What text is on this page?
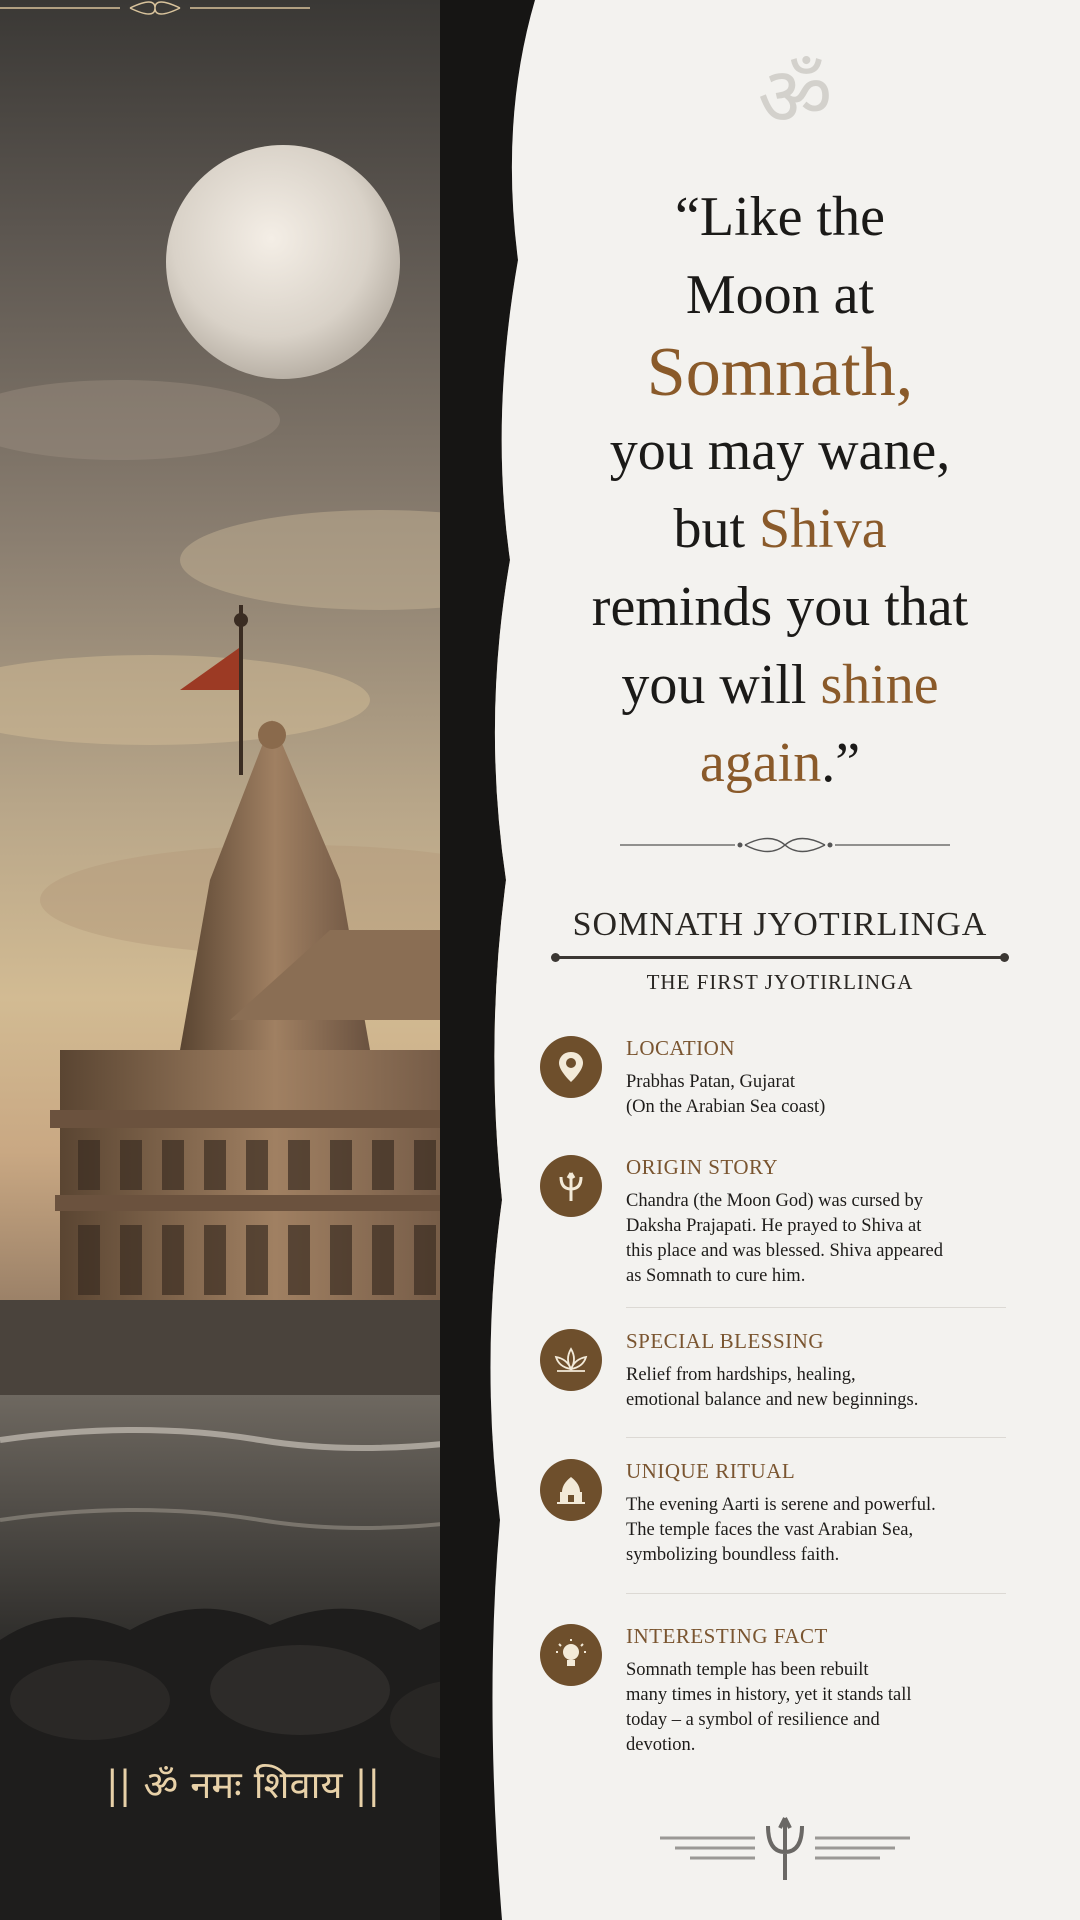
|| ॐ नमः शिवाय ||
ॐ
“Like the
Moon at
Somnath,
you may wane,
but Shiva
reminds you that
you will shine
again.”
SOMNATH JYOTIRLINGA
THE FIRST JYOTIRLINGA
LOCATION
Prabhas Patan, Gujarat
(On the Arabian Sea coast)
ORIGIN STORY
Chandra (the Moon God) was cursed by
Daksha Prajapati. He prayed to Shiva at
this place and was blessed. Shiva appeared
as Somnath to cure him.
SPECIAL BLESSING
Relief from hardships, healing,
emotional balance and new beginnings.
UNIQUE RITUAL
The evening Aarti is serene and powerful.
The temple faces the vast Arabian Sea,
symbolizing boundless faith.
INTERESTING FACT
Somnath temple has been rebuilt
many times in history, yet it stands tall
today – a symbol of resilience and
devotion.
